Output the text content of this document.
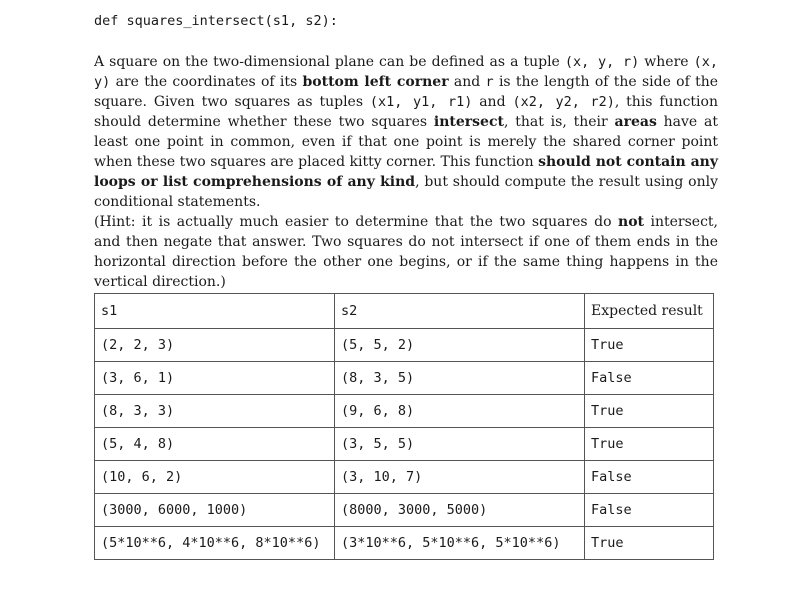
def squares_intersect(s1, s2):
A square on the two-dimensional plane can be defined as a tuple (x, y, r) where (x, y) are the coordinates of its bottom left corner and r is the length of the side of the square. Given two squares as tuples (x1, y1, r1) and (x2, y2, r2), this function should determine whether these two squares intersect, that is, their areas have at least one point in common, even if that one point is merely the shared corner point when these two squares are placed kitty corner. This function should not contain any loops or list comprehensions of any kind, but should compute the result using only conditional statements.
(Hint: it is actually much easier to determine that the two squares do not intersect, and then negate that answer. Two squares do not intersect if one of them ends in the horizontal direction before the other one begins, or if the same thing happens in the vertical direction.)
s1	s2	Expected result
(2, 2, 3)	(5, 5, 2)	True
(3, 6, 1)	(8, 3, 5)	False
(8, 3, 3)	(9, 6, 8)	True
(5, 4, 8)	(3, 5, 5)	True
(10, 6, 2)	(3, 10, 7)	False
(3000, 6000, 1000)	(8000, 3000, 5000)	False
(5*10**6, 4*10**6, 8*10**6)	(3*10**6, 5*10**6, 5*10**6)	True
